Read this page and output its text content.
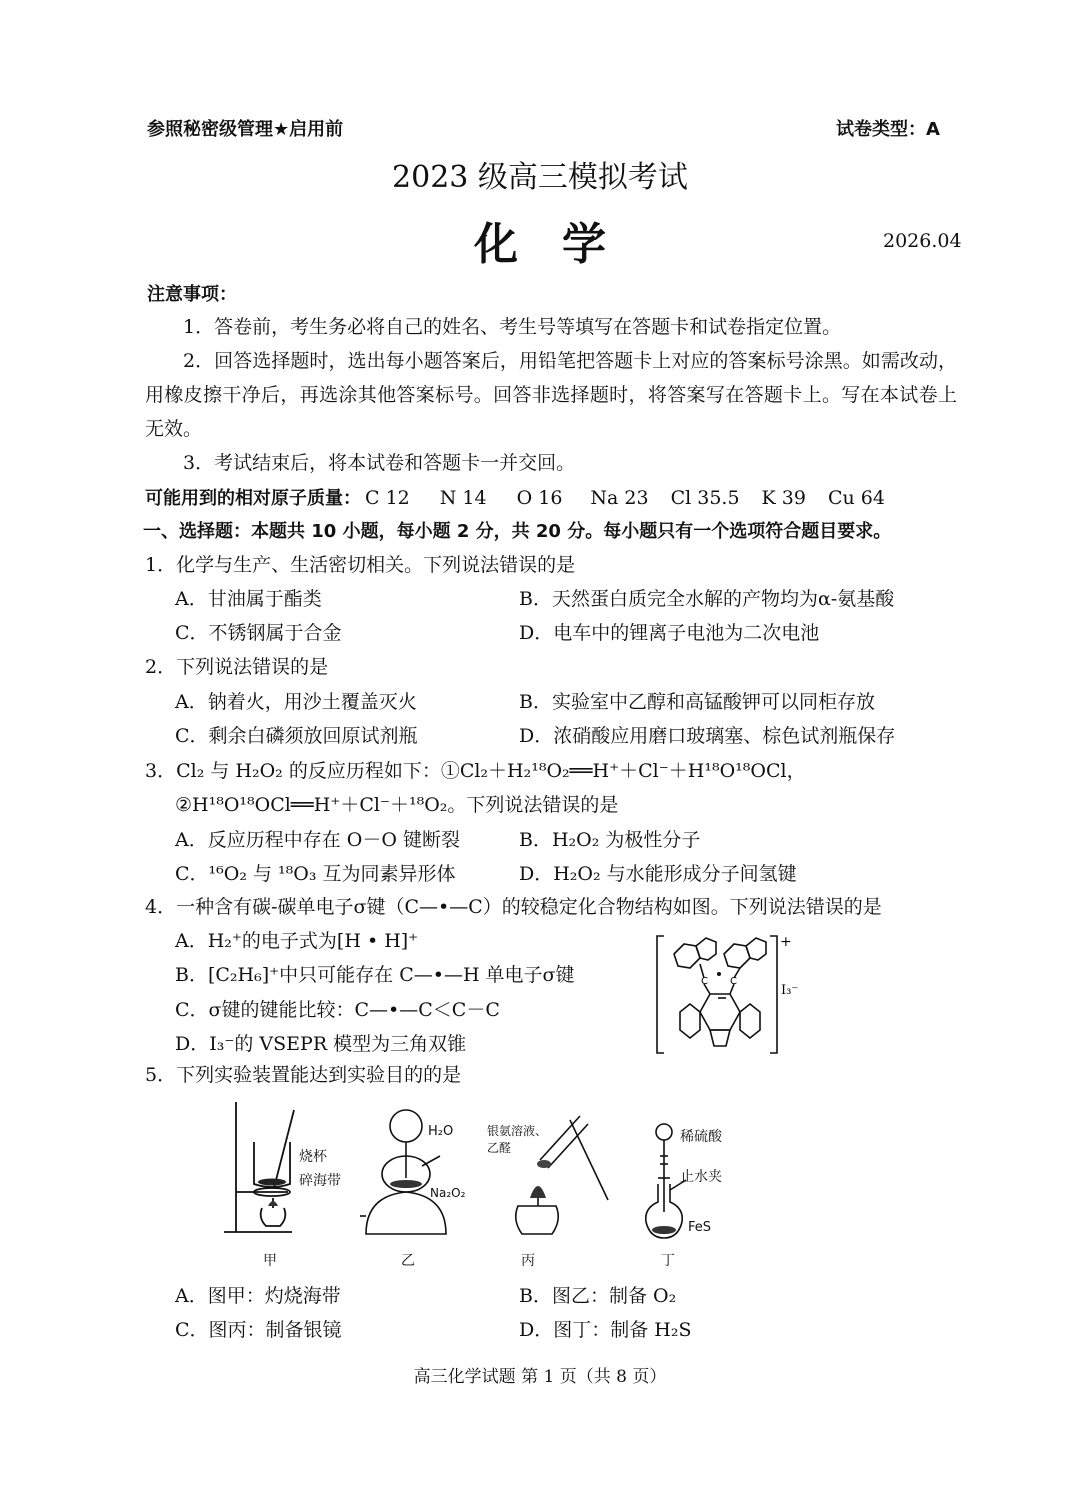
参照秘密级管理★启用前	试卷类型：A
2023 级高三模拟考试
化　学	2026.04
注意事项：
1．答卷前，考生务必将自己的姓名、考生号等填写在答题卡和试卷指定位置。
2．回答选择题时，选出每小题答案后，用铅笔把答题卡上对应的答案标号涂黑。如需改动，用橡皮擦干净后，再选涂其他答案标号。回答非选择题时，将答案写在答题卡上。写在本试卷上无效。
3．考试结束后，将本试卷和答题卡一并交回。
可能用到的相对原子质量： C 12 N 14 O 16 Na 23 Cl 35.5 K 39 Cu 64
一、选择题：本题共 10 小题，每小题 2 分，共 20 分。每小题只有一个选项符合题目要求。
1．化学与生产、生活密切相关。下列说法错误的是
A．甘油属于酯类	B．天然蛋白质完全水解的产物均为α-氨基酸
C．不锈钢属于合金	D．电车中的锂离子电池为二次电池
2．下列说法错误的是
A．钠着火，用沙土覆盖灭火	B．实验室中乙醇和高锰酸钾可以同柜存放
C．剩余白磷须放回原试剂瓶	D．浓硝酸应用磨口玻璃塞、棕色试剂瓶保存
3．Cl₂ 与 H₂O₂ 的反应历程如下：①Cl₂＋H₂¹⁸O₂══H⁺＋Cl⁻＋H¹⁸O¹⁸OCl，
②H¹⁸O¹⁸OCl══H⁺＋Cl⁻＋¹⁸O₂。下列说法错误的是
A．反应历程中存在 O－O 键断裂	B．H₂O₂ 为极性分子
C．¹⁶O₂ 与 ¹⁸O₃ 互为同素异形体	D．H₂O₂ 与水能形成分子间氢键
4．一种含有碳-碳单电子σ键（C—•—C）的较稳定化合物结构如图。下列说法错误的是
A．H₂⁺的电子式为[H • H]⁺
B．[C₂H₆]⁺中只可能存在 C—•—H 单电子σ键
C．σ键的键能比较：C—•—C＜C－C
D．I₃⁻的 VSEPR 模型为三角双锥
C C
+
I₃⁻
5．下列实验装置能达到实验目的的是
烧杯
碎海带
H₂O
Na₂O₂
银氨溶液、
乙醛
稀硫酸
止水夹
FeS
甲	乙	丙	丁
A．图甲：灼烧海带	B．图乙：制备 O₂
C．图丙：制备银镜	D．图丁：制备 H₂S
高三化学试题 第 1 页（共 8 页）
